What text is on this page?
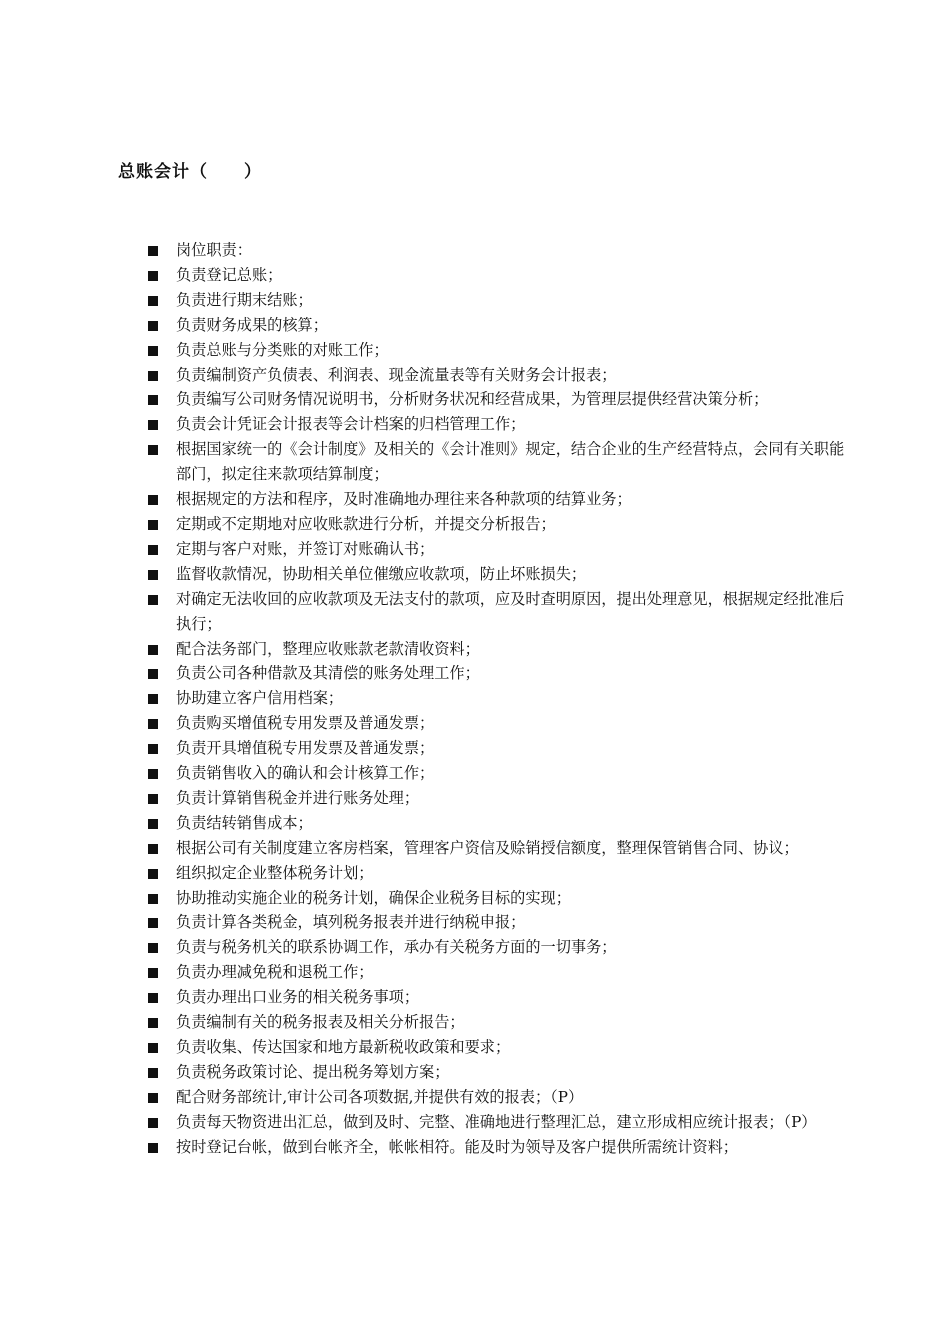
总账会计（　　）
岗位职责：
负责登记总账；
负责进行期末结账；
负责财务成果的核算；
负责总账与分类账的对账工作；
负责编制资产负债表、利润表、现金流量表等有关财务会计报表；
负责编写公司财务情况说明书，分析财务状况和经营成果，为管理层提供经营决策分析；
负责会计凭证会计报表等会计档案的归档管理工作；
根据国家统一的《会计制度》及相关的《会计准则》规定，结合企业的生产经营特点，会同有关职能部门，拟定往来款项结算制度；
根据规定的方法和程序，及时准确地办理往来各种款项的结算业务；
定期或不定期地对应收账款进行分析，并提交分析报告；
定期与客户对账，并签订对账确认书；
监督收款情况，协助相关单位催缴应收款项，防止坏账损失；
对确定无法收回的应收款项及无法支付的款项，应及时查明原因，提出处理意见，根据规定经批准后执行；
配合法务部门，整理应收账款老款清收资料；
负责公司各种借款及其清偿的账务处理工作；
协助建立客户信用档案；
负责购买增值税专用发票及普通发票；
负责开具增值税专用发票及普通发票；
负责销售收入的确认和会计核算工作；
负责计算销售税金并进行账务处理；
负责结转销售成本；
根据公司有关制度建立客房档案，管理客户资信及赊销授信额度，整理保管销售合同、协议；
组织拟定企业整体税务计划；
协助推动实施企业的税务计划，确保企业税务目标的实现；
负责计算各类税金，填列税务报表并进行纳税申报；
负责与税务机关的联系协调工作，承办有关税务方面的一切事务；
负责办理减免税和退税工作；
负责办理出口业务的相关税务事项；
负责编制有关的税务报表及相关分析报告；
负责收集、传达国家和地方最新税收政策和要求；
负责税务政策讨论、提出税务筹划方案；
配合财务部统计,审计公司各项数据,并提供有效的报表；（P）
负责每天物资进出汇总，做到及时、完整、准确地进行整理汇总，建立形成相应统计报表；（P）
按时登记台帐，做到台帐齐全，帐帐相符。能及时为领导及客户提供所需统计资料；
